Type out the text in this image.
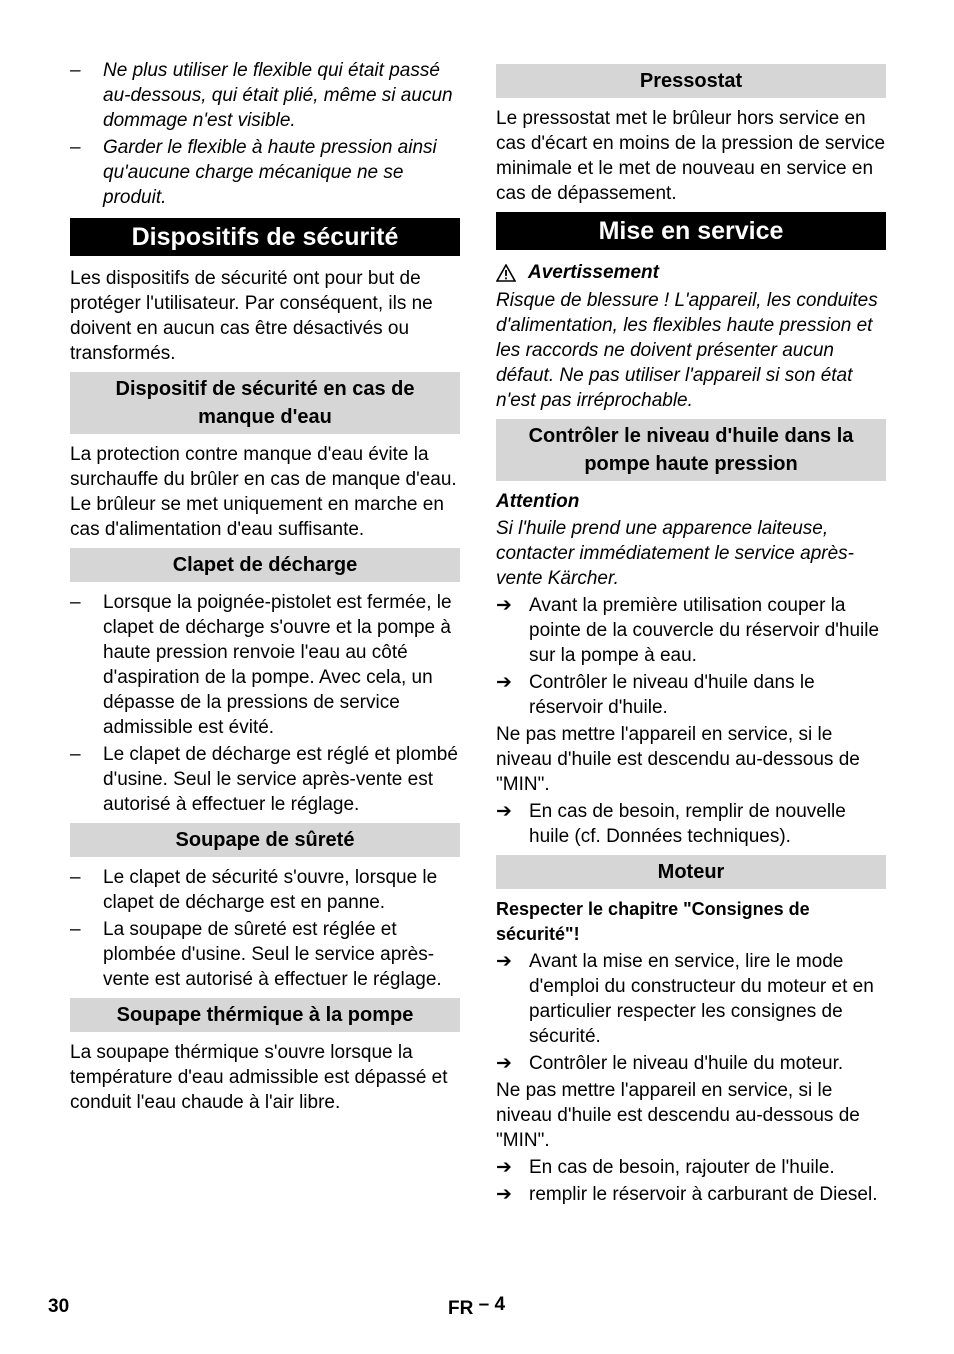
– Ne plus utiliser le flexible qui était passé au-dessous, qui était plié, même si aucun dommage n'est visible.
– Garder le flexible à haute pression ainsi qu'aucune charge mécanique ne se produit.
Dispositifs de sécurité
Les dispositifs de sécurité ont pour but de protéger l'utilisateur. Par conséquent, ils ne doivent en aucun cas être désactivés ou transformés.
Dispositif de sécurité en cas de manque d'eau
La protection contre manque d'eau évite la surchauffe du brûler en cas de manque d'eau. Le brûleur se met uniquement en marche en cas d'alimentation d'eau suffisante.
Clapet de décharge
– Lorsque la poignée-pistolet est fermée, le clapet de décharge s'ouvre et la pompe à haute pression renvoie l'eau au côté d'aspiration de la pompe. Avec cela, un dépasse de la pressions de service admissible est évité.
– Le clapet de décharge est réglé et plombé d'usine. Seul le service après-vente est autorisé à effectuer le réglage.
Soupape de sûreté
– Le clapet de sécurité s'ouvre, lorsque le clapet de décharge est en panne.
– La soupape de sûreté est réglée et plombée d'usine. Seul le service après-vente est autorisé à effectuer le réglage.
Soupape thérmique à la pompe
La soupape thérmique s'ouvre lorsque la température d'eau admissible est dépassé et conduit l'eau chaude à l'air libre.
Pressostat
Le pressostat met le brûleur hors service en cas d'écart en moins de la pression de service minimale et le met de nouveau en service en cas de dépassement.
Mise en service
Avertissement
Risque de blessure ! L'appareil, les conduites d'alimentation, les flexibles haute pression et les raccords ne doivent présenter aucun défaut. Ne pas utiliser l'appareil si son état n'est pas irréprochable.
Contrôler le niveau d'huile dans la pompe haute pression
Attention
Si l'huile prend une apparence laiteuse, contacter immédiatement le service après-vente Kärcher.
➔ Avant la première utilisation couper la pointe de la couvercle du réservoir d'huile sur la pompe à eau.
➔ Contrôler le niveau d'huile dans le réservoir d'huile.
Ne pas mettre l'appareil en service, si le niveau d'huile est descendu au-dessous de "MIN".
➔ En cas de besoin, remplir de nouvelle huile (cf. Données techniques).
Moteur
Respecter le chapitre "Consignes de sécurité"!
➔ Avant la mise en service, lire le mode d'emploi du constructeur du moteur et en particulier respecter les consignes de sécurité.
➔ Contrôler le niveau d'huile du moteur.
Ne pas mettre l'appareil en service, si le niveau d'huile est descendu au-dessous de "MIN".
➔ En cas de besoin, rajouter de l'huile.
➔ remplir le réservoir à carburant de Diesel.
30	FR – 4
